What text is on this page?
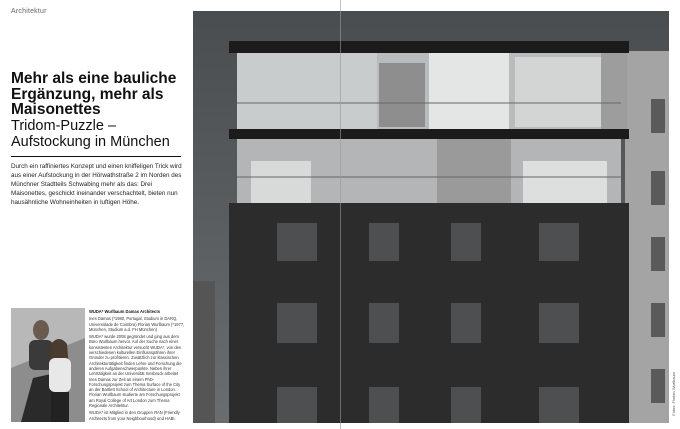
Architektur
Mehr als eine bauliche Ergänzung, mehr als Maisonettes
Tridom-Puzzle – Aufstockung in München
Durch ein raffiniertes Konzept und einen kniffeligen Trick wird aus einer Aufstockung in der Hörwathstraße 2 im Norden des Münchner Stadtteils Schwabing mehr als das: Drei Maisonettes, geschickt ineinander verschachtelt, bieten nun hausähnliche Wohneinheiten in luftigen Höhe.

WUDA* Wurlbaum Damas Architects

Ines Damas (*1980, Portugal, Studium in DARQ, Universidade de Coimbra) Florian Wurlbaum (*1977, München, Studium a.d. FH München)

WUDA* wurde 2008 gegründet und ging aus dem Büro Wurlbaum hervor. Auf der Suche nach einer konsistenten Architektur versucht WUDA*, von den verschiedenen kulturellen Einflussspähren ihrer Gründer zu profitieren. Zusätzlich zur klassischen Architekturtätigkeit finden Lehre und Forschung die anderen Aufgabenschwerpunkte. Neben ihrer Lehrtätigkeit an der Universität Innsbruck arbeitet Ines Damas zur Zeit an einem PhD-Forschungsprojekt zum Thema Surface of the City an der Bartlett School of Architecture in London. Florian Wurlbaum studierte am Forschungsprojekt am Royal College of Art London zum Thema Regionale Architektur.

WUDA* ist Mitglied in den Gruppen RAN (Friendly Architects from your Neighbourhood) und HABI.

Fotos: Florian Wurlbaum
